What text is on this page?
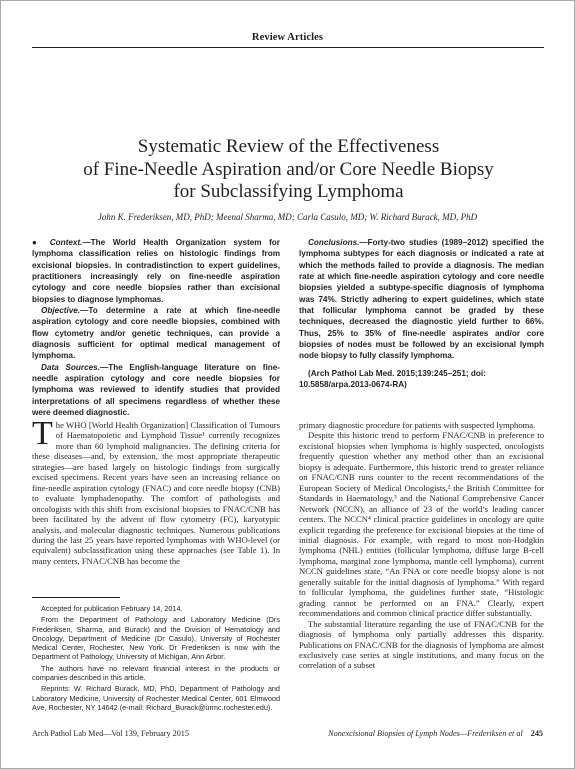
Review Articles
Systematic Review of the Effectiveness
of Fine-Needle Aspiration and/or Core Needle Biopsy
for Subclassifying Lymphoma
John K. Frederiksen, MD, PhD; Meenal Sharma, MD; Carla Casulo, MD; W. Richard Burack, MD, PhD

● Context.—The World Health Organization system for lymphoma classification relies on histologic findings from excisional biopsies. In contradistinction to expert guidelines, practitioners increasingly rely on fine-needle aspiration cytology and core needle biopsies rather than excisional biopsies to diagnose lymphomas.

Objective.—To determine a rate at which fine-needle aspiration cytology and core needle biopsies, combined with flow cytometry and/or genetic techniques, can provide a diagnosis sufficient for optimal medical management of lymphoma.

Data Sources.—The English-language literature on fine-needle aspiration cytology and core needle biopsies for lymphoma was reviewed to identify studies that provided interpretations of all specimens regardless of whether these were deemed diagnostic.

Conclusions.—Forty-two studies (1989–2012) specified the lymphoma subtypes for each diagnosis or indicated a rate at which the methods failed to provide a diagnosis. The median rate at which fine-needle aspiration cytology and core needle biopsies yielded a subtype-specific diagnosis of lymphoma was 74%. Strictly adhering to expert guidelines, which state that follicular lymphoma cannot be graded by these techniques, decreased the diagnostic yield further to 66%. Thus, 25% to 35% of fine-needle aspirates and/or core biopsies of nodes must be followed by an excisional lymph node biopsy to fully classify lymphoma.

(Arch Pathol Lab Med. 2015;139:245–251; doi: 10.5858/arpa.2013-0674-RA)

The WHO [World Health Organization] Classification of Tumours of Haematopoietic and Lymphoid Tissue¹ currently recognizes more than 60 lymphoid malignancies. The defining criteria for these diseases—and, by extension, the most appropriate therapeutic strategies—are based largely on histologic findings from surgically excised specimens. Recent years have seen an increasing reliance on fine-needle aspiration cytology (FNAC) and core needle biopsy (CNB) to evaluate lymphadenopathy. The comfort of pathologists and oncologists with this shift from excisional biopsies to FNAC/CNB has been facilitated by the advent of flow cytometry (FC), karyotypic analysis, and molecular diagnostic techniques. Numerous publications during the last 25 years have reported lymphomas with WHO-level (or equivalent) subclassification using these approaches (see Table 1). In many centers, FNAC/CNB has become the

primary diagnostic procedure for patients with suspected lymphoma.

Despite this historic trend to perform FNAC/CNB in preference to excisional biopsies when lymphoma is highly suspected, oncologists frequently question whether any method other than an excisional biopsy is adequate. Furthermore, this historic trend to greater reliance on FNAC/CNB runs counter to the recent recommendations of the European Society of Medical Oncologists,² the British Committee for Standards in Haematology,³ and the National Comprehensive Cancer Network (NCCN), an alliance of 23 of the world’s leading cancer centers. The NCCN⁴ clinical practice guidelines in oncology are quite explicit regarding the preference for excisional biopsies at the time of initial diagnosis. For example, with regard to most non-Hodgkin lymphoma (NHL) entities (follicular lymphoma, diffuse large B-cell lymphoma, marginal zone lymphoma, mantle cell lymphoma), current NCCN guidelines state, “An FNA or core needle biopsy alone is not generally suitable for the initial diagnosis of lymphoma.” With regard to follicular lymphoma, the guidelines further state, “Histologic grading cannot be performed on an FNA.” Clearly, expert recommendations and common clinical practice differ substantially.

The substantial literature regarding the use of FNAC/CNB for the diagnosis of lymphoma only partially addresses this disparity. Publications on FNAC/CNB for the diagnosis of lymphoma are almost exclusively case series at single institutions, and many focus on the correlation of a subset

Accepted for publication February 14, 2014.

From the Department of Pathology and Laboratory Medicine (Drs Frederiksen, Sharma, and Burack) and the Division of Hematology and Oncology, Department of Medicine (Dr Casulo), University of Rochester Medical Center, Rochester, New York. Dr Frederiksen is now with the Department of Pathology, University of Michigan, Ann Arbor.

The authors have no relevant financial interest in the products or companies described in this article.

Reprints: W. Richard Burack, MD, PhD, Department of Pathology and Laboratory Medicine, University of Rochester Medical Center, 601 Elmwood Ave, Rochester, NY 14642 (e-mail: Richard_Burack@urmc.rochester.edu).

Arch Pathol Lab Med—Vol 139, February 2015	Nonexcisional Biopsies of Lymph Nodes—Frederiksen et al 245
